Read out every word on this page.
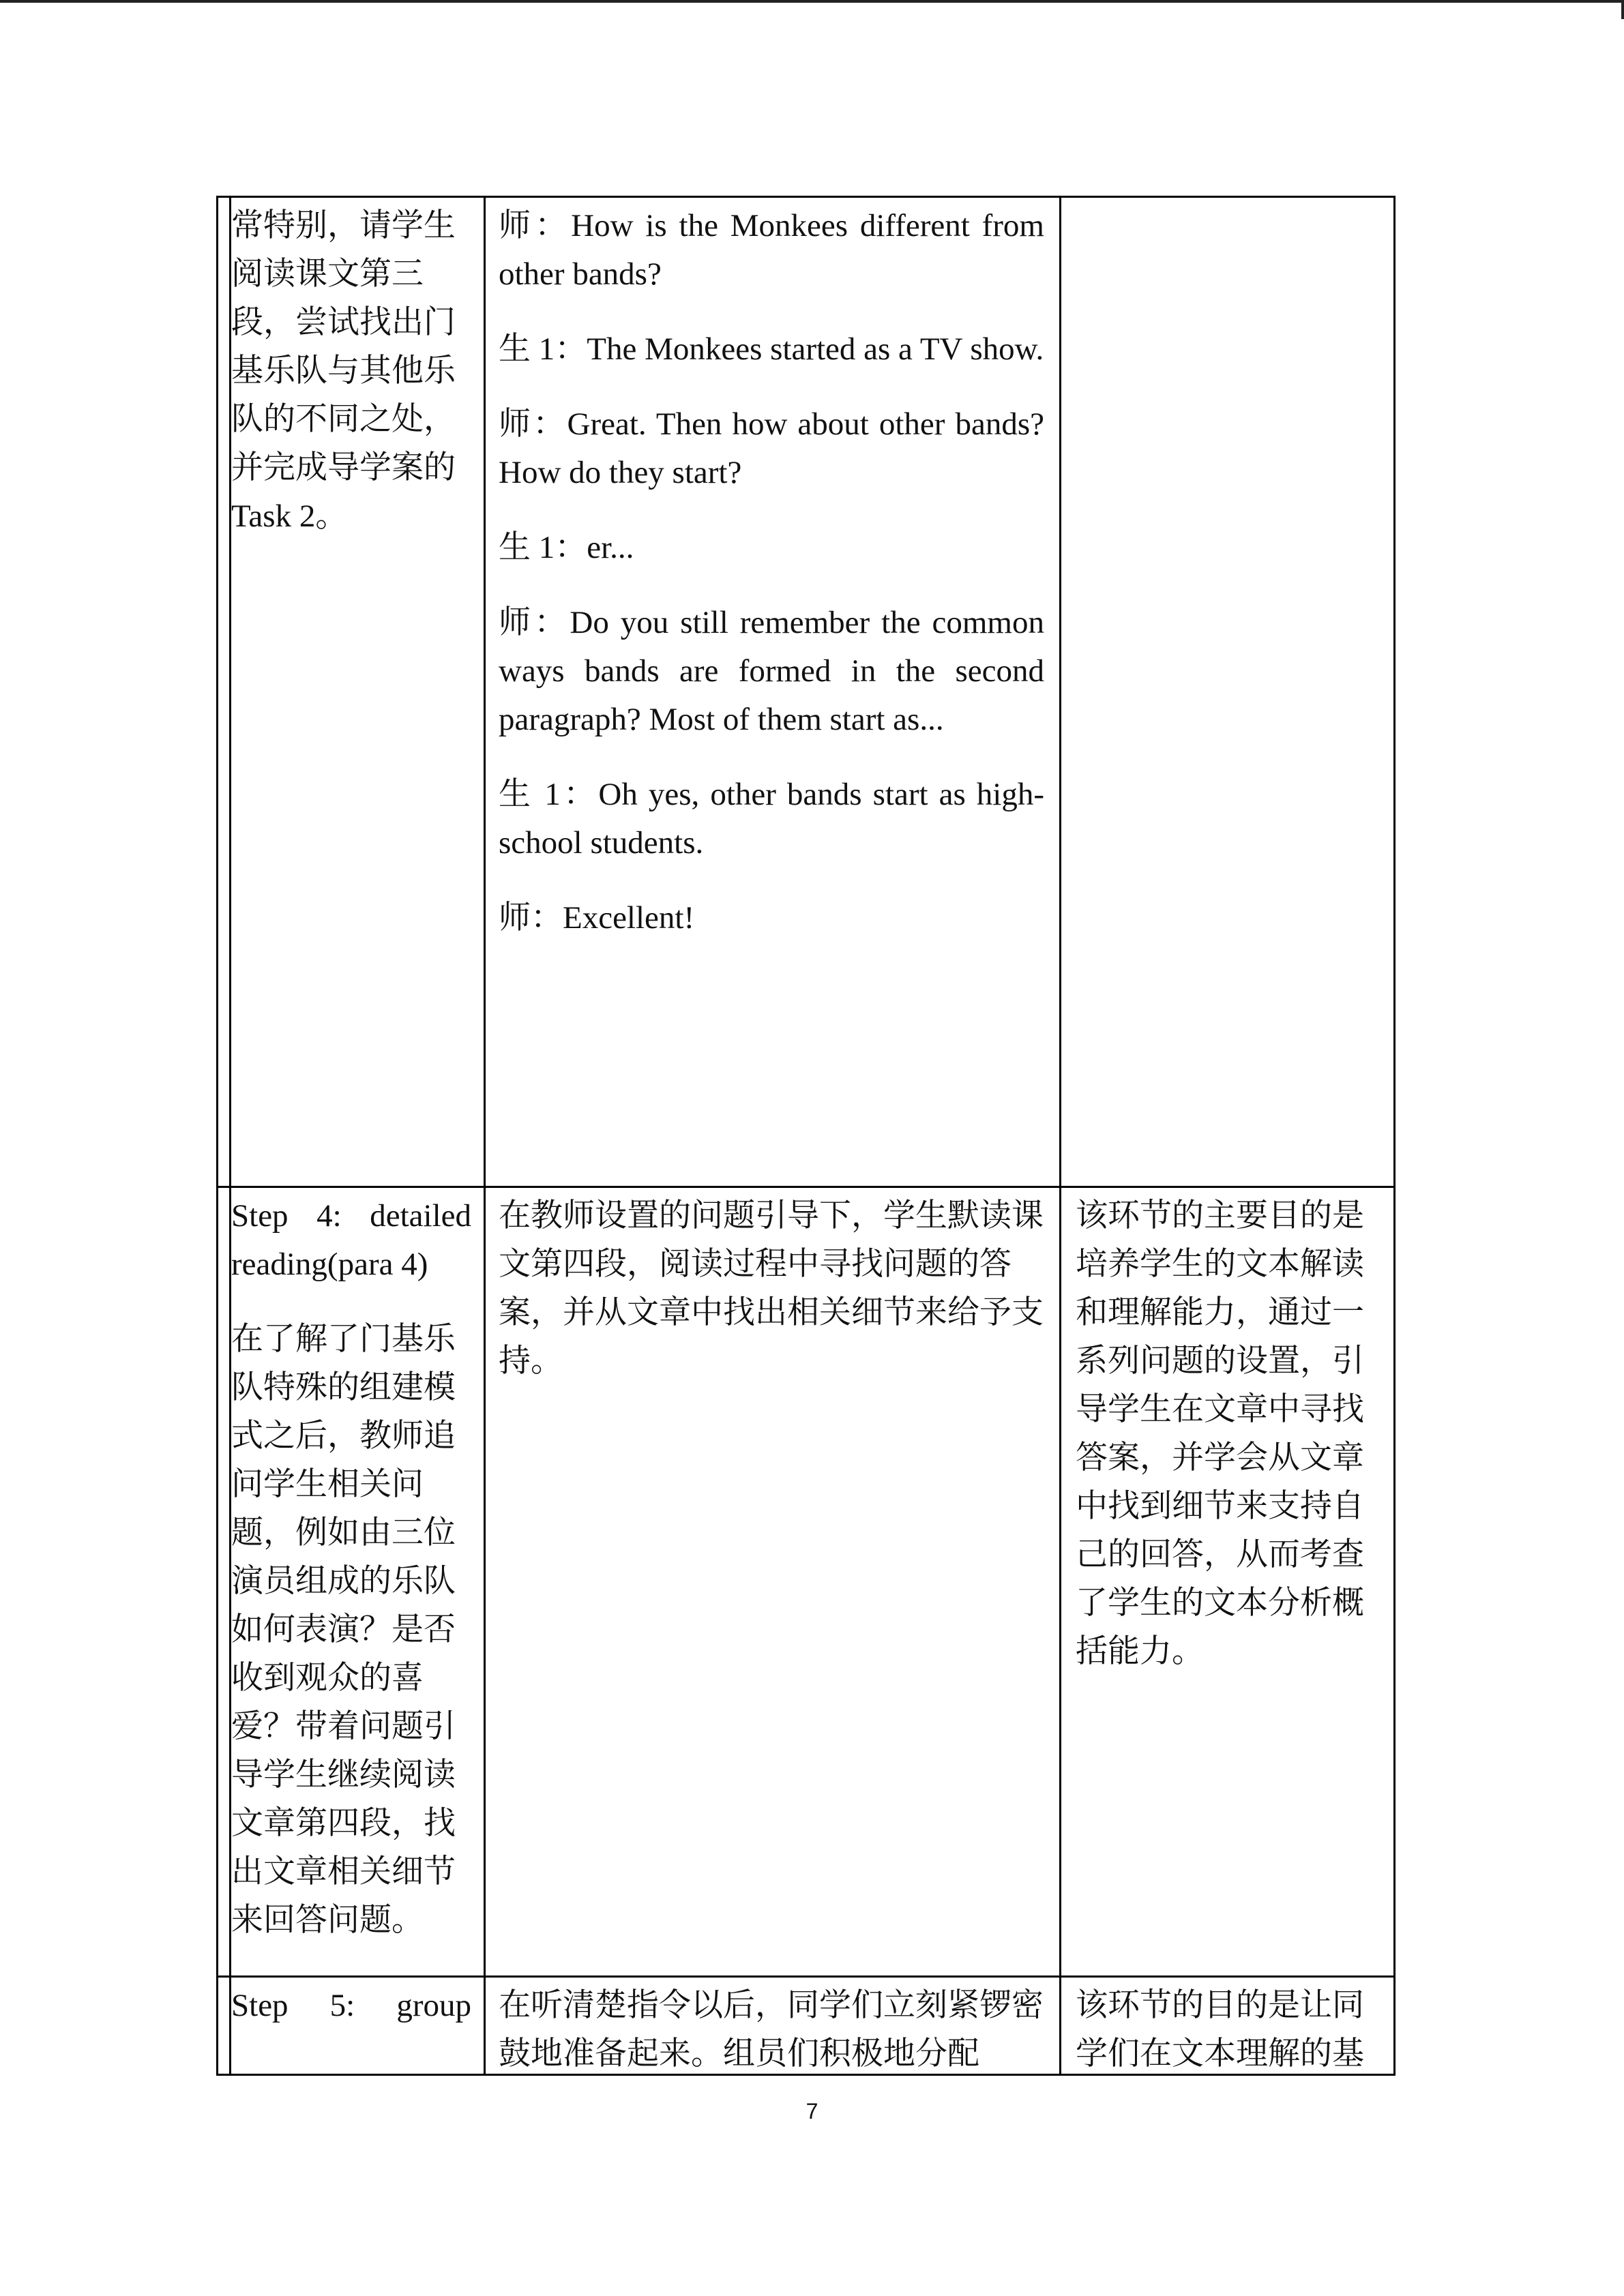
常特别，请学生阅读课文第三段，尝试找出门基乐队与其他乐队的不同之处，并完成导学案的Task 2。

师：How is the Monkees different from other bands?

生 1：The Monkees started as a TV show.

师：Great. Then how about other bands? How do they start?

生 1：er...

师：Do you still remember the common ways bands are formed in the second paragraph? Most of them start as...

生 1：Oh yes, other bands start as high-school students.

师：Excellent!

Step 4: detailed reading(para 4)

在了解了门基乐队特殊的组建模式之后，教师追问学生相关问题，例如由三位演员组成的乐队如何表演？是否收到观众的喜爱？带着问题引导学生继续阅读文章第四段，找出文章相关细节来回答问题。

在教师设置的问题引导下，学生默读课文第四段，阅读过程中寻找问题的答案，并从文章中找出相关细节来给予支持。

该环节的主要目的是培养学生的文本解读和理解能力，通过一系列问题的设置，引导学生在文章中寻找答案，并学会从文章中找到细节来支持自己的回答，从而考查了学生的文本分析概括能力。

Step 5: group 在听清楚指令以后，同学们立刻紧锣密鼓地准备起来。组员们积极地分配

该环节的目的是让同学们在文本理解的基

7
